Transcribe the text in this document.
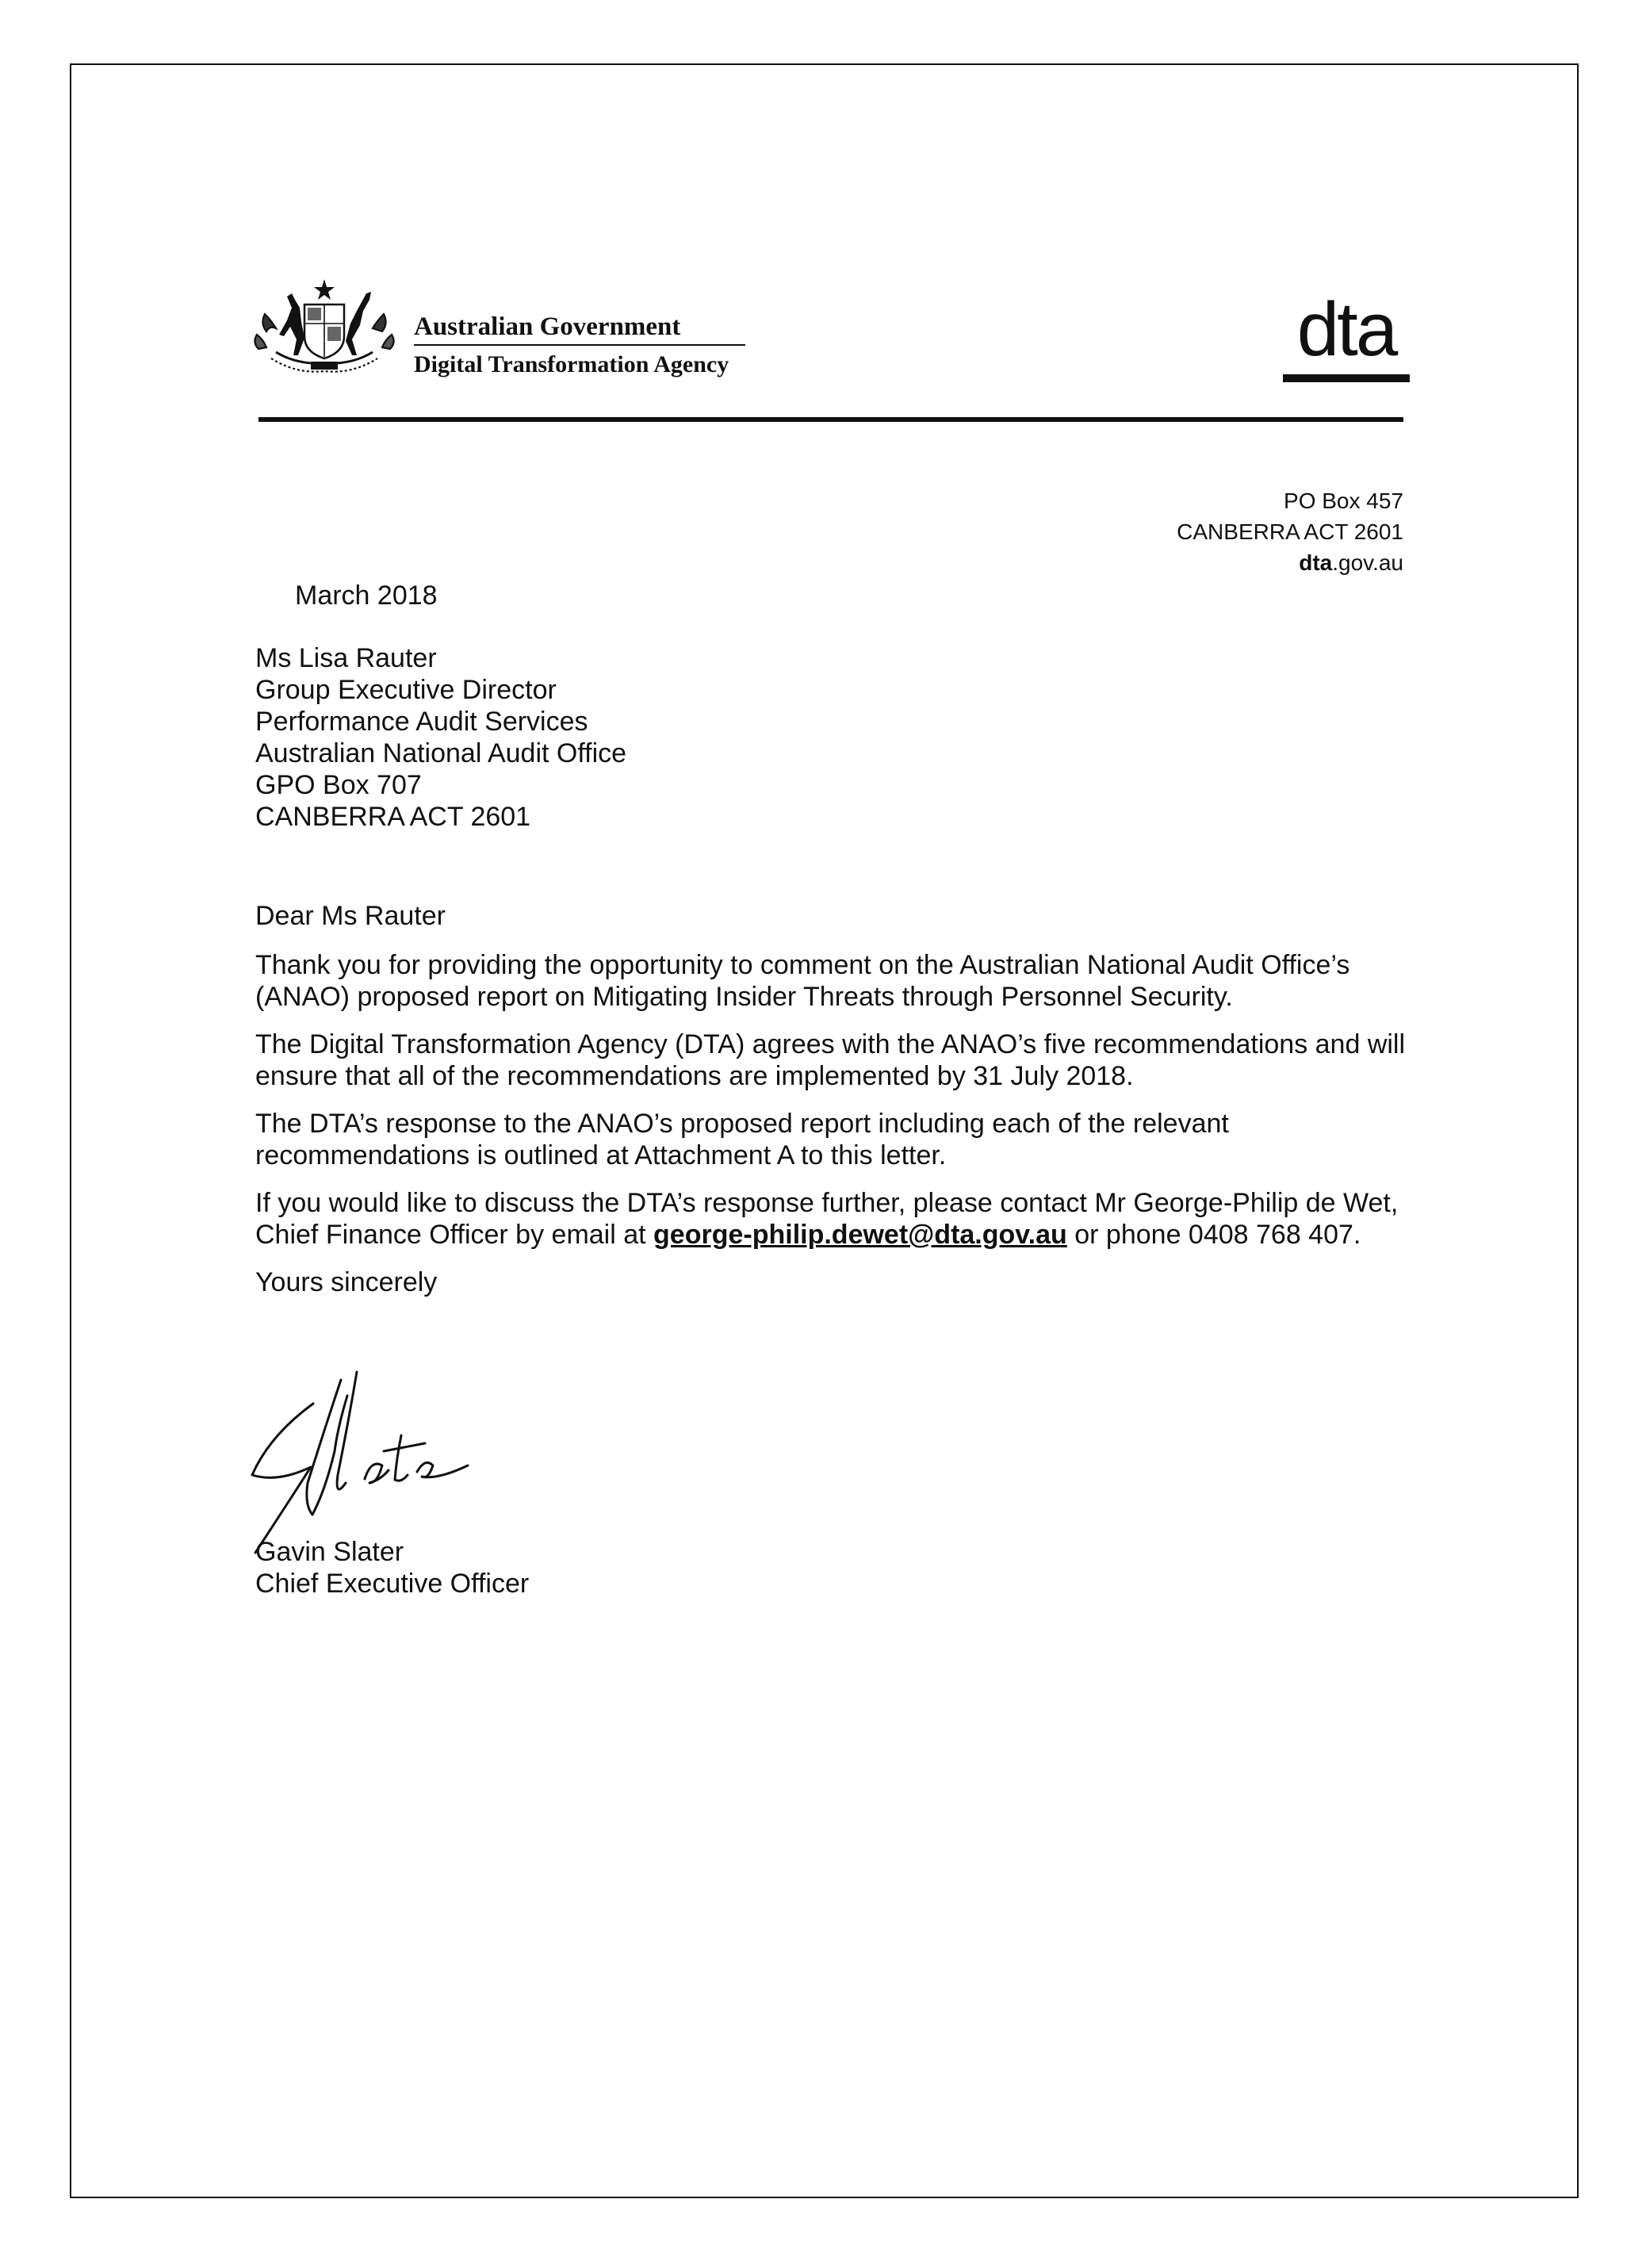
Australian Government
Digital Transformation Agency	dta
PO Box 457
CANBERRA ACT 2601
dta.gov.au
March 2018
Ms Lisa Rauter
Group Executive Director
Performance Audit Services
Australian National Audit Office
GPO Box 707
CANBERRA ACT 2601

Dear Ms Rauter

Thank you for providing the opportunity to comment on the Australian National Audit Office’s (ANAO) proposed report on Mitigating Insider Threats through Personnel Security.

The Digital Transformation Agency (DTA) agrees with the ANAO’s five recommendations and will ensure that all of the recommendations are implemented by 31 July 2018.

The DTA’s response to the ANAO’s proposed report including each of the relevant recommendations is outlined at Attachment A to this letter.

If you would like to discuss the DTA’s response further, please contact Mr George-Philip de Wet, Chief Finance Officer by email at george-philip.dewet@dta.gov.au or phone 0408 768 407.

Yours sincerely

Gavin Slater
Chief Executive Officer
